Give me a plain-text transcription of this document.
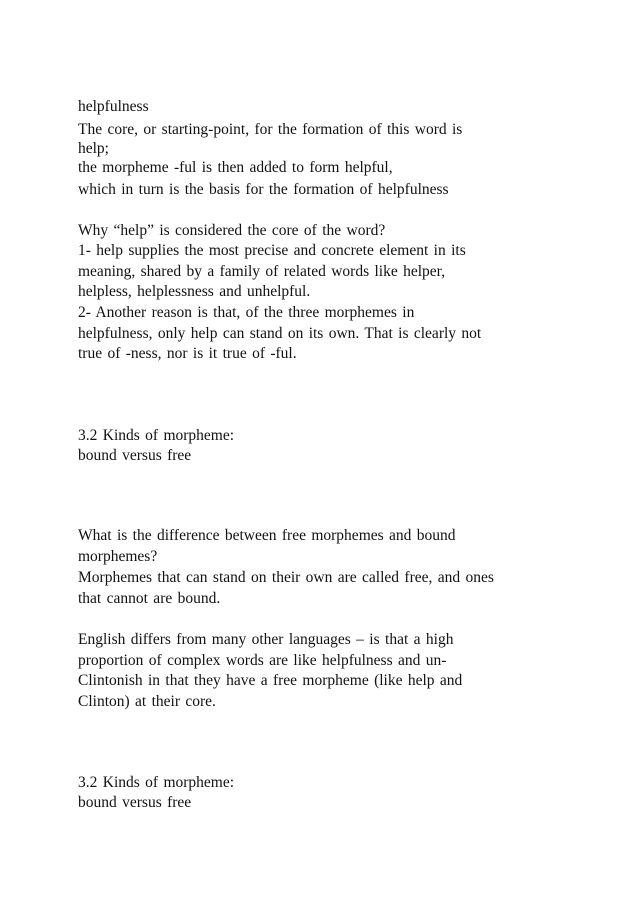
helpfulness
The core, or starting-point, for the formation of this word is
help;
the morpheme -ful is then added to form helpful,
which in turn is the basis for the formation of helpfulness
Why “help” is considered the core of the word?
1- help supplies the most precise and concrete element in its
meaning, shared by a family of related words like helper,
helpless, helplessness and unhelpful.
2- Another reason is that, of the three morphemes in
helpfulness, only help can stand on its own. That is clearly not
true of -ness, nor is it true of -ful.
3.2 Kinds of morpheme:
bound versus free
What is the difference between free morphemes and bound
morphemes?
Morphemes that can stand on their own are called free, and ones
that cannot are bound.
English differs from many other languages – is that a high
proportion of complex words are like helpfulness and un-
Clintonish in that they have a free morpheme (like help and
Clinton) at their core.
3.2 Kinds of morpheme:
bound versus free
